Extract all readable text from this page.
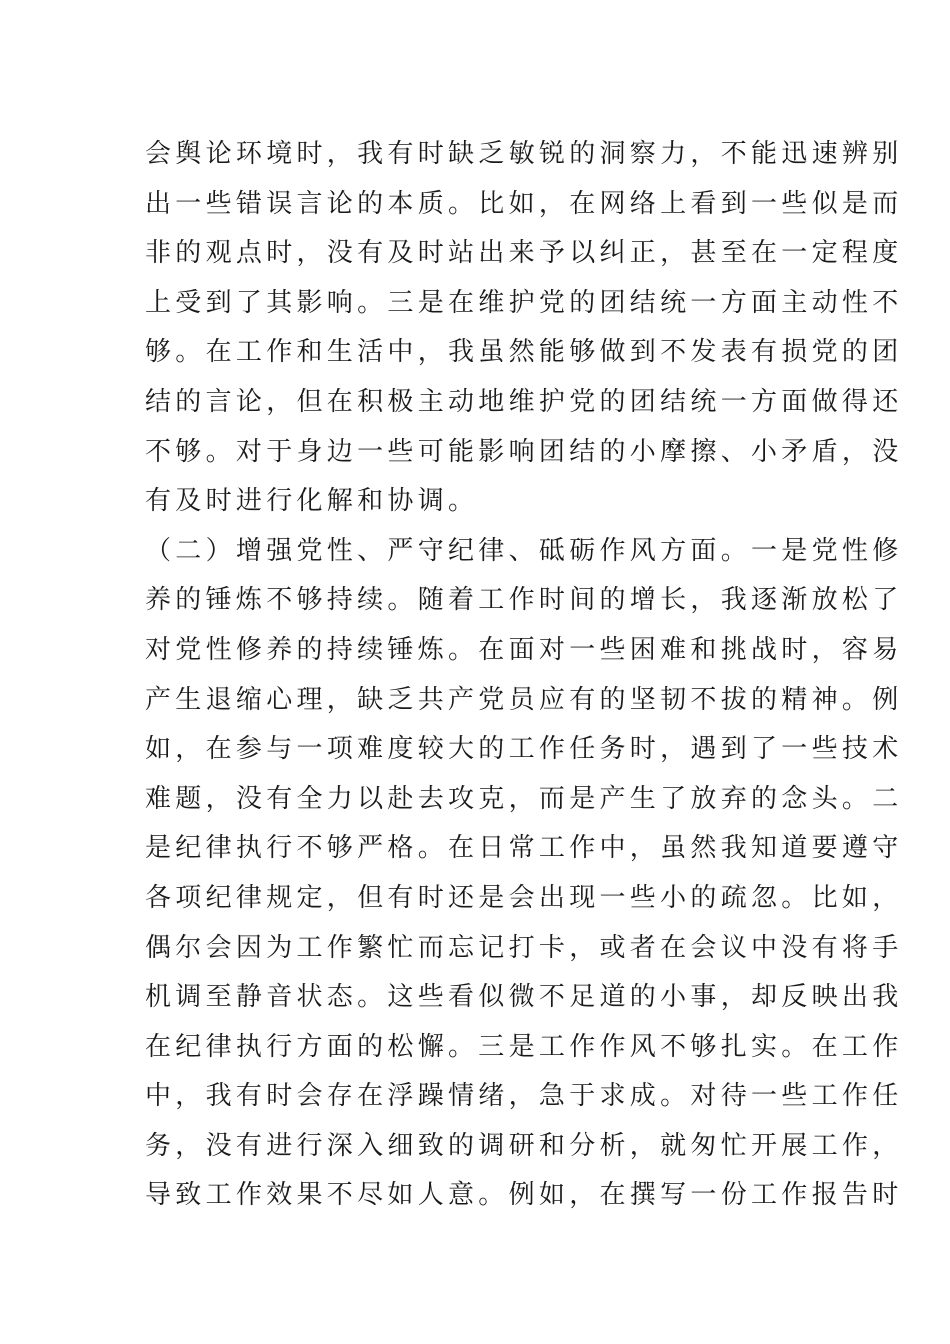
会舆论环境时，我有时缺乏敏锐的洞察力，不能迅速辨别
出一些错误言论的本质。比如，在网络上看到一些似是而
非的观点时，没有及时站出来予以纠正，甚至在一定程度
上受到了其影响。三是在维护党的团结统一方面主动性不
够。在工作和生活中，我虽然能够做到不发表有损党的团
结的言论，但在积极主动地维护党的团结统一方面做得还
不够。对于身边一些可能影响团结的小摩擦、小矛盾，没
有及时进行化解和协调。
（二）增强党性、严守纪律、砥砺作风方面。一是党性修
养的锤炼不够持续。随着工作时间的增长，我逐渐放松了
对党性修养的持续锤炼。在面对一些困难和挑战时，容易
产生退缩心理，缺乏共产党员应有的坚韧不拔的精神。例
如，在参与一项难度较大的工作任务时，遇到了一些技术
难题，没有全力以赴去攻克，而是产生了放弃的念头。二
是纪律执行不够严格。在日常工作中，虽然我知道要遵守
各项纪律规定，但有时还是会出现一些小的疏忽。比如，
偶尔会因为工作繁忙而忘记打卡，或者在会议中没有将手
机调至静音状态。这些看似微不足道的小事，却反映出我
在纪律执行方面的松懈。三是工作作风不够扎实。在工作
中，我有时会存在浮躁情绪，急于求成。对待一些工作任
务，没有进行深入细致的调研和分析，就匆忙开展工作，
导致工作效果不尽如人意。例如，在撰写一份工作报告时
